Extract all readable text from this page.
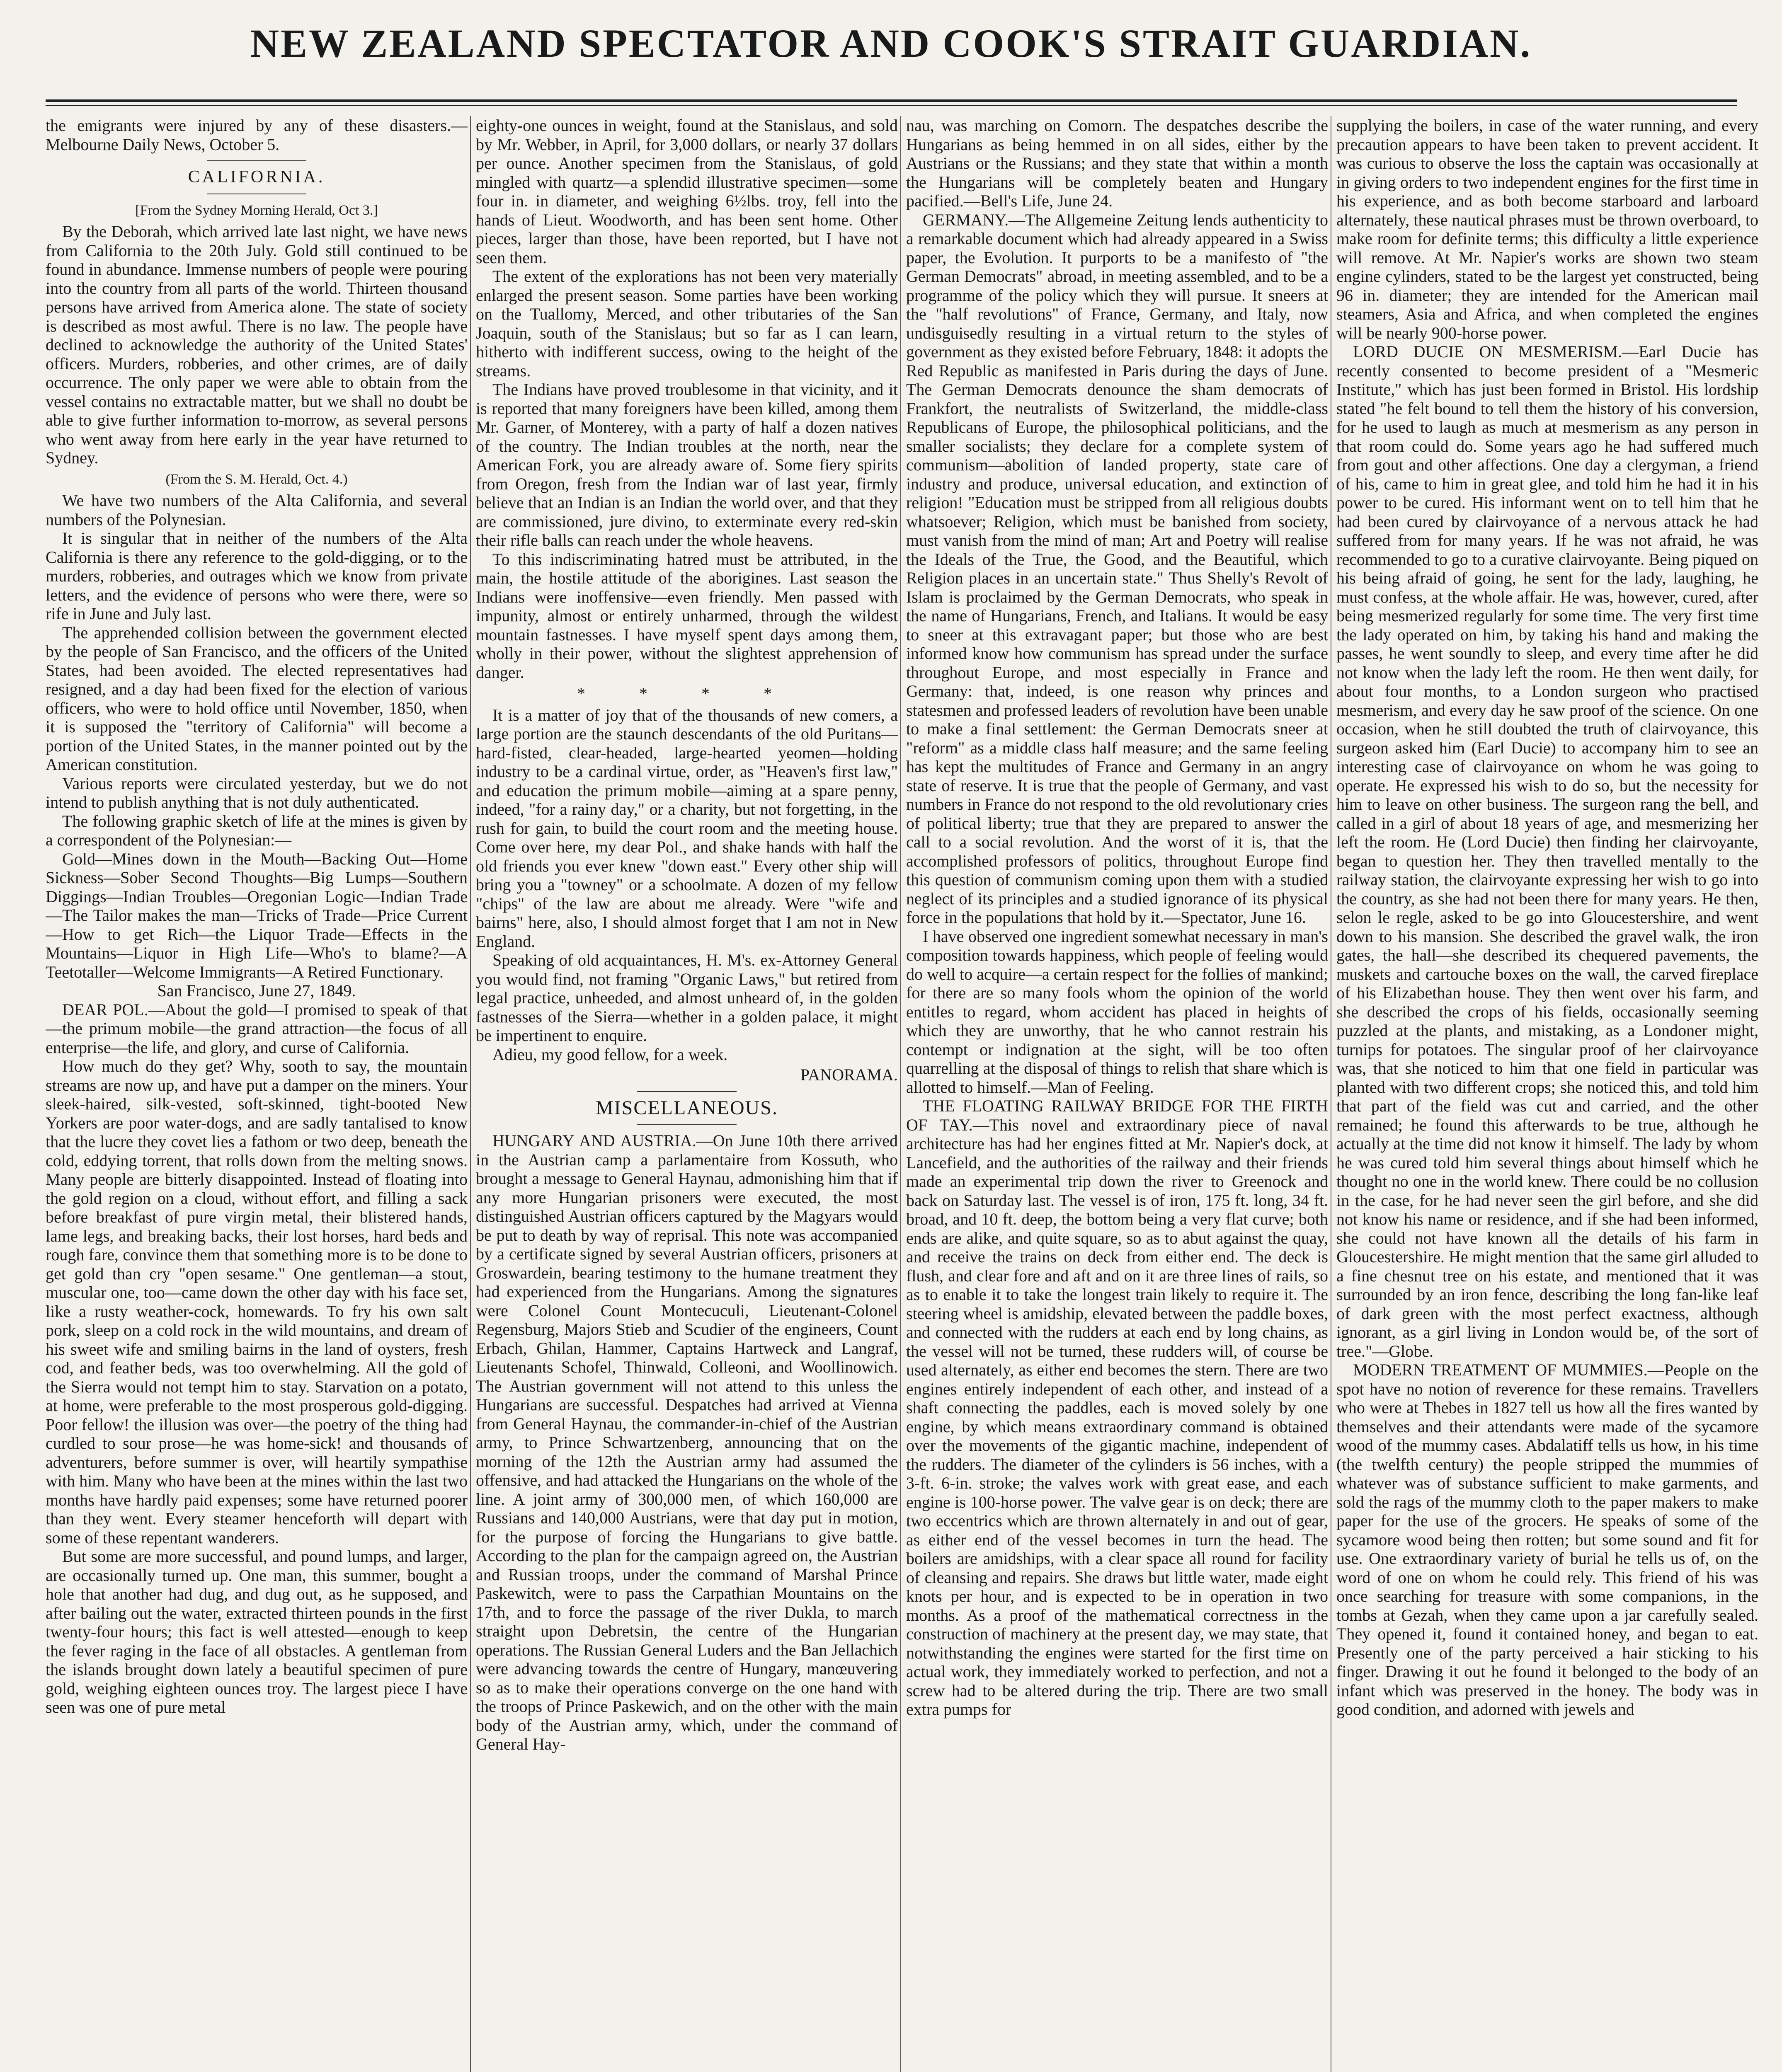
NEW ZEALAND SPECTATOR AND COOK'S STRAIT GUARDIAN.

the emigrants were injured by any of these disasters.—Melbourne Daily News, October 5.

CALIFORNIA.
[From the Sydney Morning Herald, Oct 3.]

By the Deborah, which arrived late last night, we have news from California to the 20th July. Gold still continued to be found in abundance. Immense numbers of people were pouring into the country from all parts of the world. Thirteen thousand persons have arrived from America alone. The state of society is described as most awful. There is no law. The people have declined to acknowledge the authority of the United States' officers. Murders, robberies, and other crimes, are of daily occurrence. The only paper we were able to obtain from the vessel contains no extractable matter, but we shall no doubt be able to give further information to-morrow, as several persons who went away from here early in the year have returned to Sydney.

(From the S. M. Herald, Oct. 4.)

We have two numbers of the Alta California, and several numbers of the Polynesian.

It is singular that in neither of the numbers of the Alta California is there any reference to the gold-digging, or to the murders, robberies, and outrages which we know from private letters, and the evidence of persons who were there, were so rife in June and July last.

The apprehended collision between the government elected by the people of San Francisco, and the officers of the United States, had been avoided. The elected representatives had resigned, and a day had been fixed for the election of various officers, who were to hold office until November, 1850, when it is supposed the "territory of California" will become a portion of the United States, in the manner pointed out by the American constitution.

Various reports were circulated yesterday, but we do not intend to publish anything that is not duly authenticated.

The following graphic sketch of life at the mines is given by a correspondent of the Polynesian:—

Gold—Mines down in the Mouth—Backing Out—Home Sickness—Sober Second Thoughts—Big Lumps—Southern Diggings—Indian Troubles—Oregonian Logic—Indian Trade—The Tailor makes the man—Tricks of Trade—Price Current—How to get Rich—the Liquor Trade—Effects in the Mountains—Liquor in High Life—Who's to blame?—A Teetotaller—Welcome Immigrants—A Retired Functionary.

San Francisco, June 27, 1849.

DEAR POL.—About the gold—I promised to speak of that—the primum mobile—the grand attraction—the focus of all enterprise—the life, and glory, and curse of California.

How much do they get? Why, sooth to say, the mountain streams are now up, and have put a damper on the miners. Your sleek-haired, silk-vested, soft-skinned, tight-booted New Yorkers are poor water-dogs, and are sadly tantalised to know that the lucre they covet lies a fathom or two deep, beneath the cold, eddying torrent, that rolls down from the melting snows. Many people are bitterly disappointed. Instead of floating into the gold region on a cloud, without effort, and filling a sack before breakfast of pure virgin metal, their blistered hands, lame legs, and breaking backs, their lost horses, hard beds and rough fare, convince them that something more is to be done to get gold than cry "open sesame." One gentleman—a stout, muscular one, too—came down the other day with his face set, like a rusty weather-cock, homewards. To fry his own salt pork, sleep on a cold rock in the wild mountains, and dream of his sweet wife and smiling bairns in the land of oysters, fresh cod, and feather beds, was too overwhelming. All the gold of the Sierra would not tempt him to stay. Starvation on a potato, at home, were preferable to the most prosperous gold-digging. Poor fellow! the illusion was over—the poetry of the thing had curdled to sour prose—he was home-sick! and thousands of adventurers, before summer is over, will heartily sympathise with him. Many who have been at the mines within the last two months have hardly paid expenses; some have returned poorer than they went. Every steamer henceforth will depart with some of these repentant wanderers.

But some are more successful, and pound lumps, and larger, are occasionally turned up. One man, this summer, bought a hole that another had dug, and dug out, as he supposed, and after bailing out the water, extracted thirteen pounds in the first twenty-four hours; this fact is well attested—enough to keep the fever raging in the face of all obstacles. A gentleman from the islands brought down lately a beautiful specimen of pure gold, weighing eighteen ounces troy. The largest piece I have seen was one of pure metal

eighty-one ounces in weight, found at the Stanislaus, and sold by Mr. Webber, in April, for 3,000 dollars, or nearly 37 dollars per ounce. Another specimen from the Stanislaus, of gold mingled with quartz—a splendid illustrative specimen—some four in. in diameter, and weighing 6½lbs. troy, fell into the hands of Lieut. Woodworth, and has been sent home. Other pieces, larger than those, have been reported, but I have not seen them.

The extent of the explorations has not been very materially enlarged the present season. Some parties have been working on the Tuallomy, Merced, and other tributaries of the San Joaquin, south of the Stanislaus; but so far as I can learn, hitherto with indifferent success, owing to the height of the streams.

The Indians have proved troublesome in that vicinity, and it is reported that many foreigners have been killed, among them Mr. Garner, of Monterey, with a party of half a dozen natives of the country. The Indian troubles at the north, near the American Fork, you are already aware of. Some fiery spirits from Oregon, fresh from the Indian war of last year, firmly believe that an Indian is an Indian the world over, and that they are commissioned, jure divino, to exterminate every red-skin their rifle balls can reach under the whole heavens.

To this indiscriminating hatred must be attributed, in the main, the hostile attitude of the aborigines. Last season the Indians were inoffensive—even friendly. Men passed with impunity, almost or entirely unharmed, through the wildest mountain fastnesses. I have myself spent days among them, wholly in their power, without the slightest apprehension of danger.

* * * *

It is a matter of joy that of the thousands of new comers, a large portion are the staunch descendants of the old Puritans—hard-fisted, clear-headed, large-hearted yeomen—holding industry to be a cardinal virtue, order, as "Heaven's first law," and education the primum mobile—aiming at a spare penny, indeed, "for a rainy day," or a charity, but not forgetting, in the rush for gain, to build the court room and the meeting house. Come over here, my dear Pol., and shake hands with half the old friends you ever knew "down east." Every other ship will bring you a "towney" or a schoolmate. A dozen of my fellow "chips" of the law are about me already. Were "wife and bairns" here, also, I should almost forget that I am not in New England.

Speaking of old acquaintances, H. M's. ex-Attorney General you would find, not framing "Organic Laws," but retired from legal practice, unheeded, and almost unheard of, in the golden fastnesses of the Sierra—whether in a golden palace, it might be impertinent to enquire.

Adieu, my good fellow, for a week.

PANORAMA.
MISCELLANEOUS.

HUNGARY AND AUSTRIA.—On June 10th there arrived in the Austrian camp a parlamentaire from Kossuth, who brought a message to General Haynau, admonishing him that if any more Hungarian prisoners were executed, the most distinguished Austrian officers captured by the Magyars would be put to death by way of reprisal. This note was accompanied by a certificate signed by several Austrian officers, prisoners at Groswardein, bearing testimony to the humane treatment they had experienced from the Hungarians. Among the signatures were Colonel Count Montecuculi, Lieutenant-Colonel Regensburg, Majors Stieb and Scudier of the engineers, Count Erbach, Ghilan, Hammer, Captains Hartweck and Langraf, Lieutenants Schofel, Thinwald, Colleoni, and Woollinowich. The Austrian government will not attend to this unless the Hungarians are successful. Despatches had arrived at Vienna from General Haynau, the commander-in-chief of the Austrian army, to Prince Schwartzenberg, announcing that on the morning of the 12th the Austrian army had assumed the offensive, and had attacked the Hungarians on the whole of the line. A joint army of 300,000 men, of which 160,000 are Russians and 140,000 Austrians, were that day put in motion, for the purpose of forcing the Hungarians to give battle. According to the plan for the campaign agreed on, the Austrian and Russian troops, under the command of Marshal Prince Paskewitch, were to pass the Carpathian Mountains on the 17th, and to force the passage of the river Dukla, to march straight upon Debretsin, the centre of the Hungarian operations. The Russian General Luders and the Ban Jellachich were advancing towards the centre of Hungary, manœuvering so as to make their operations converge on the one hand with the troops of Prince Paskewich, and on the other with the main body of the Austrian army, which, under the command of General Hay-

nau, was marching on Comorn. The despatches describe the Hungarians as being hemmed in on all sides, either by the Austrians or the Russians; and they state that within a month the Hungarians will be completely beaten and Hungary pacified.—Bell's Life, June 24.

GERMANY.—The Allgemeine Zeitung lends authenticity to a remarkable document which had already appeared in a Swiss paper, the Evolution. It purports to be a manifesto of "the German Democrats" abroad, in meeting assembled, and to be a programme of the policy which they will pursue. It sneers at the "half revolutions" of France, Germany, and Italy, now undisguisedly resulting in a virtual return to the styles of government as they existed before February, 1848: it adopts the Red Republic as manifested in Paris during the days of June. The German Democrats denounce the sham democrats of Frankfort, the neutralists of Switzerland, the middle-class Republicans of Europe, the philosophical politicians, and the smaller socialists; they declare for a complete system of communism—abolition of landed property, state care of industry and produce, universal education, and extinction of religion! "Education must be stripped from all religious doubts whatsoever; Religion, which must be banished from society, must vanish from the mind of man; Art and Poetry will realise the Ideals of the True, the Good, and the Beautiful, which Religion places in an uncertain state." Thus Shelly's Revolt of Islam is proclaimed by the German Democrats, who speak in the name of Hungarians, French, and Italians. It would be easy to sneer at this extravagant paper; but those who are best informed know how communism has spread under the surface throughout Europe, and most especially in France and Germany: that, indeed, is one reason why princes and statesmen and professed leaders of revolution have been unable to make a final settlement: the German Democrats sneer at "reform" as a middle class half measure; and the same feeling has kept the multitudes of France and Germany in an angry state of reserve. It is true that the people of Germany, and vast numbers in France do not respond to the old revolutionary cries of political liberty; true that they are prepared to answer the call to a social revolution. And the worst of it is, that the accomplished professors of politics, throughout Europe find this question of communism coming upon them with a studied neglect of its principles and a studied ignorance of its physical force in the populations that hold by it.—Spectator, June 16.

I have observed one ingredient somewhat necessary in man's composition towards happiness, which people of feeling would do well to acquire—a certain respect for the follies of mankind; for there are so many fools whom the opinion of the world entitles to regard, whom accident has placed in heights of which they are unworthy, that he who cannot restrain his contempt or indignation at the sight, will be too often quarrelling at the disposal of things to relish that share which is allotted to himself.—Man of Feeling.

THE FLOATING RAILWAY BRIDGE FOR THE FIRTH OF TAY.—This novel and extraordinary piece of naval architecture has had her engines fitted at Mr. Napier's dock, at Lancefield, and the authorities of the railway and their friends made an experimental trip down the river to Greenock and back on Saturday last. The vessel is of iron, 175 ft. long, 34 ft. broad, and 10 ft. deep, the bottom being a very flat curve; both ends are alike, and quite square, so as to abut against the quay, and receive the trains on deck from either end. The deck is flush, and clear fore and aft and on it are three lines of rails, so as to enable it to take the longest train likely to require it. The steering wheel is amidship, elevated between the paddle boxes, and connected with the rudders at each end by long chains, as the vessel will not be turned, these rudders will, of course be used alternately, as either end becomes the stern. There are two engines entirely independent of each other, and instead of a shaft connecting the paddles, each is moved solely by one engine, by which means extraordinary command is obtained over the movements of the gigantic machine, independent of the rudders. The diameter of the cylinders is 56 inches, with a 3-ft. 6-in. stroke; the valves work with great ease, and each engine is 100-horse power. The valve gear is on deck; there are two eccentrics which are thrown alternately in and out of gear, as either end of the vessel becomes in turn the head. The boilers are amidships, with a clear space all round for facility of cleansing and repairs. She draws but little water, made eight knots per hour, and is expected to be in operation in two months. As a proof of the mathematical correctness in the construction of machinery at the present day, we may state, that notwithstanding the engines were started for the first time on actual work, they immediately worked to perfection, and not a screw had to be altered during the trip. There are two small extra pumps for

supplying the boilers, in case of the water running, and every precaution appears to have been taken to prevent accident. It was curious to observe the loss the captain was occasionally at in giving orders to two independent engines for the first time in his experience, and as both become starboard and larboard alternately, these nautical phrases must be thrown overboard, to make room for definite terms; this difficulty a little experience will remove. At Mr. Napier's works are shown two steam engine cylinders, stated to be the largest yet constructed, being 96 in. diameter; they are intended for the American mail steamers, Asia and Africa, and when completed the engines will be nearly 900-horse power.

LORD DUCIE ON MESMERISM.—Earl Ducie has recently consented to become president of a "Mesmeric Institute," which has just been formed in Bristol. His lordship stated "he felt bound to tell them the history of his conversion, for he used to laugh as much at mesmerism as any person in that room could do. Some years ago he had suffered much from gout and other affections. One day a clergyman, a friend of his, came to him in great glee, and told him he had it in his power to be cured. His informant went on to tell him that he had been cured by clairvoyance of a nervous attack he had suffered from for many years. If he was not afraid, he was recommended to go to a curative clairvoyante. Being piqued on his being afraid of going, he sent for the lady, laughing, he must confess, at the whole affair. He was, however, cured, after being mesmerized regularly for some time. The very first time the lady operated on him, by taking his hand and making the passes, he went soundly to sleep, and every time after he did not know when the lady left the room. He then went daily, for about four months, to a London surgeon who practised mesmerism, and every day he saw proof of the science. On one occasion, when he still doubted the truth of clairvoyance, this surgeon asked him (Earl Ducie) to accompany him to see an interesting case of clairvoyance on whom he was going to operate. He expressed his wish to do so, but the necessity for him to leave on other business. The surgeon rang the bell, and called in a girl of about 18 years of age, and mesmerizing her left the room. He (Lord Ducie) then finding her clairvoyante, began to question her. They then travelled mentally to the railway station, the clairvoyante expressing her wish to go into the country, as she had not been there for many years. He then, selon le regle, asked to be go into Gloucestershire, and went down to his mansion. She described the gravel walk, the iron gates, the hall—she described its chequered pavements, the muskets and cartouche boxes on the wall, the carved fireplace of his Elizabethan house. They then went over his farm, and she described the crops of his fields, occasionally seeming puzzled at the plants, and mistaking, as a Londoner might, turnips for potatoes. The singular proof of her clairvoyance was, that she noticed to him that one field in particular was planted with two different crops; she noticed this, and told him that part of the field was cut and carried, and the other remained; he found this afterwards to be true, although he actually at the time did not know it himself. The lady by whom he was cured told him several things about himself which he thought no one in the world knew. There could be no collusion in the case, for he had never seen the girl before, and she did not know his name or residence, and if she had been informed, she could not have known all the details of his farm in Gloucestershire. He might mention that the same girl alluded to a fine chesnut tree on his estate, and mentioned that it was surrounded by an iron fence, describing the long fan-like leaf of dark green with the most perfect exactness, although ignorant, as a girl living in London would be, of the sort of tree."—Globe.

MODERN TREATMENT OF MUMMIES.—People on the spot have no notion of reverence for these remains. Travellers who were at Thebes in 1827 tell us how all the fires wanted by themselves and their attendants were made of the sycamore wood of the mummy cases. Abdalatiff tells us how, in his time (the twelfth century) the people stripped the mummies of whatever was of substance sufficient to make garments, and sold the rags of the mummy cloth to the paper makers to make paper for the use of the grocers. He speaks of some of the sycamore wood being then rotten; but some sound and fit for use. One extraordinary variety of burial he tells us of, on the word of one on whom he could rely. This friend of his was once searching for treasure with some companions, in the tombs at Gezah, when they came upon a jar carefully sealed. They opened it, found it contained honey, and began to eat. Presently one of the party perceived a hair sticking to his finger. Drawing it out he found it belonged to the body of an infant which was preserved in the honey. The body was in good condition, and adorned with jewels and
